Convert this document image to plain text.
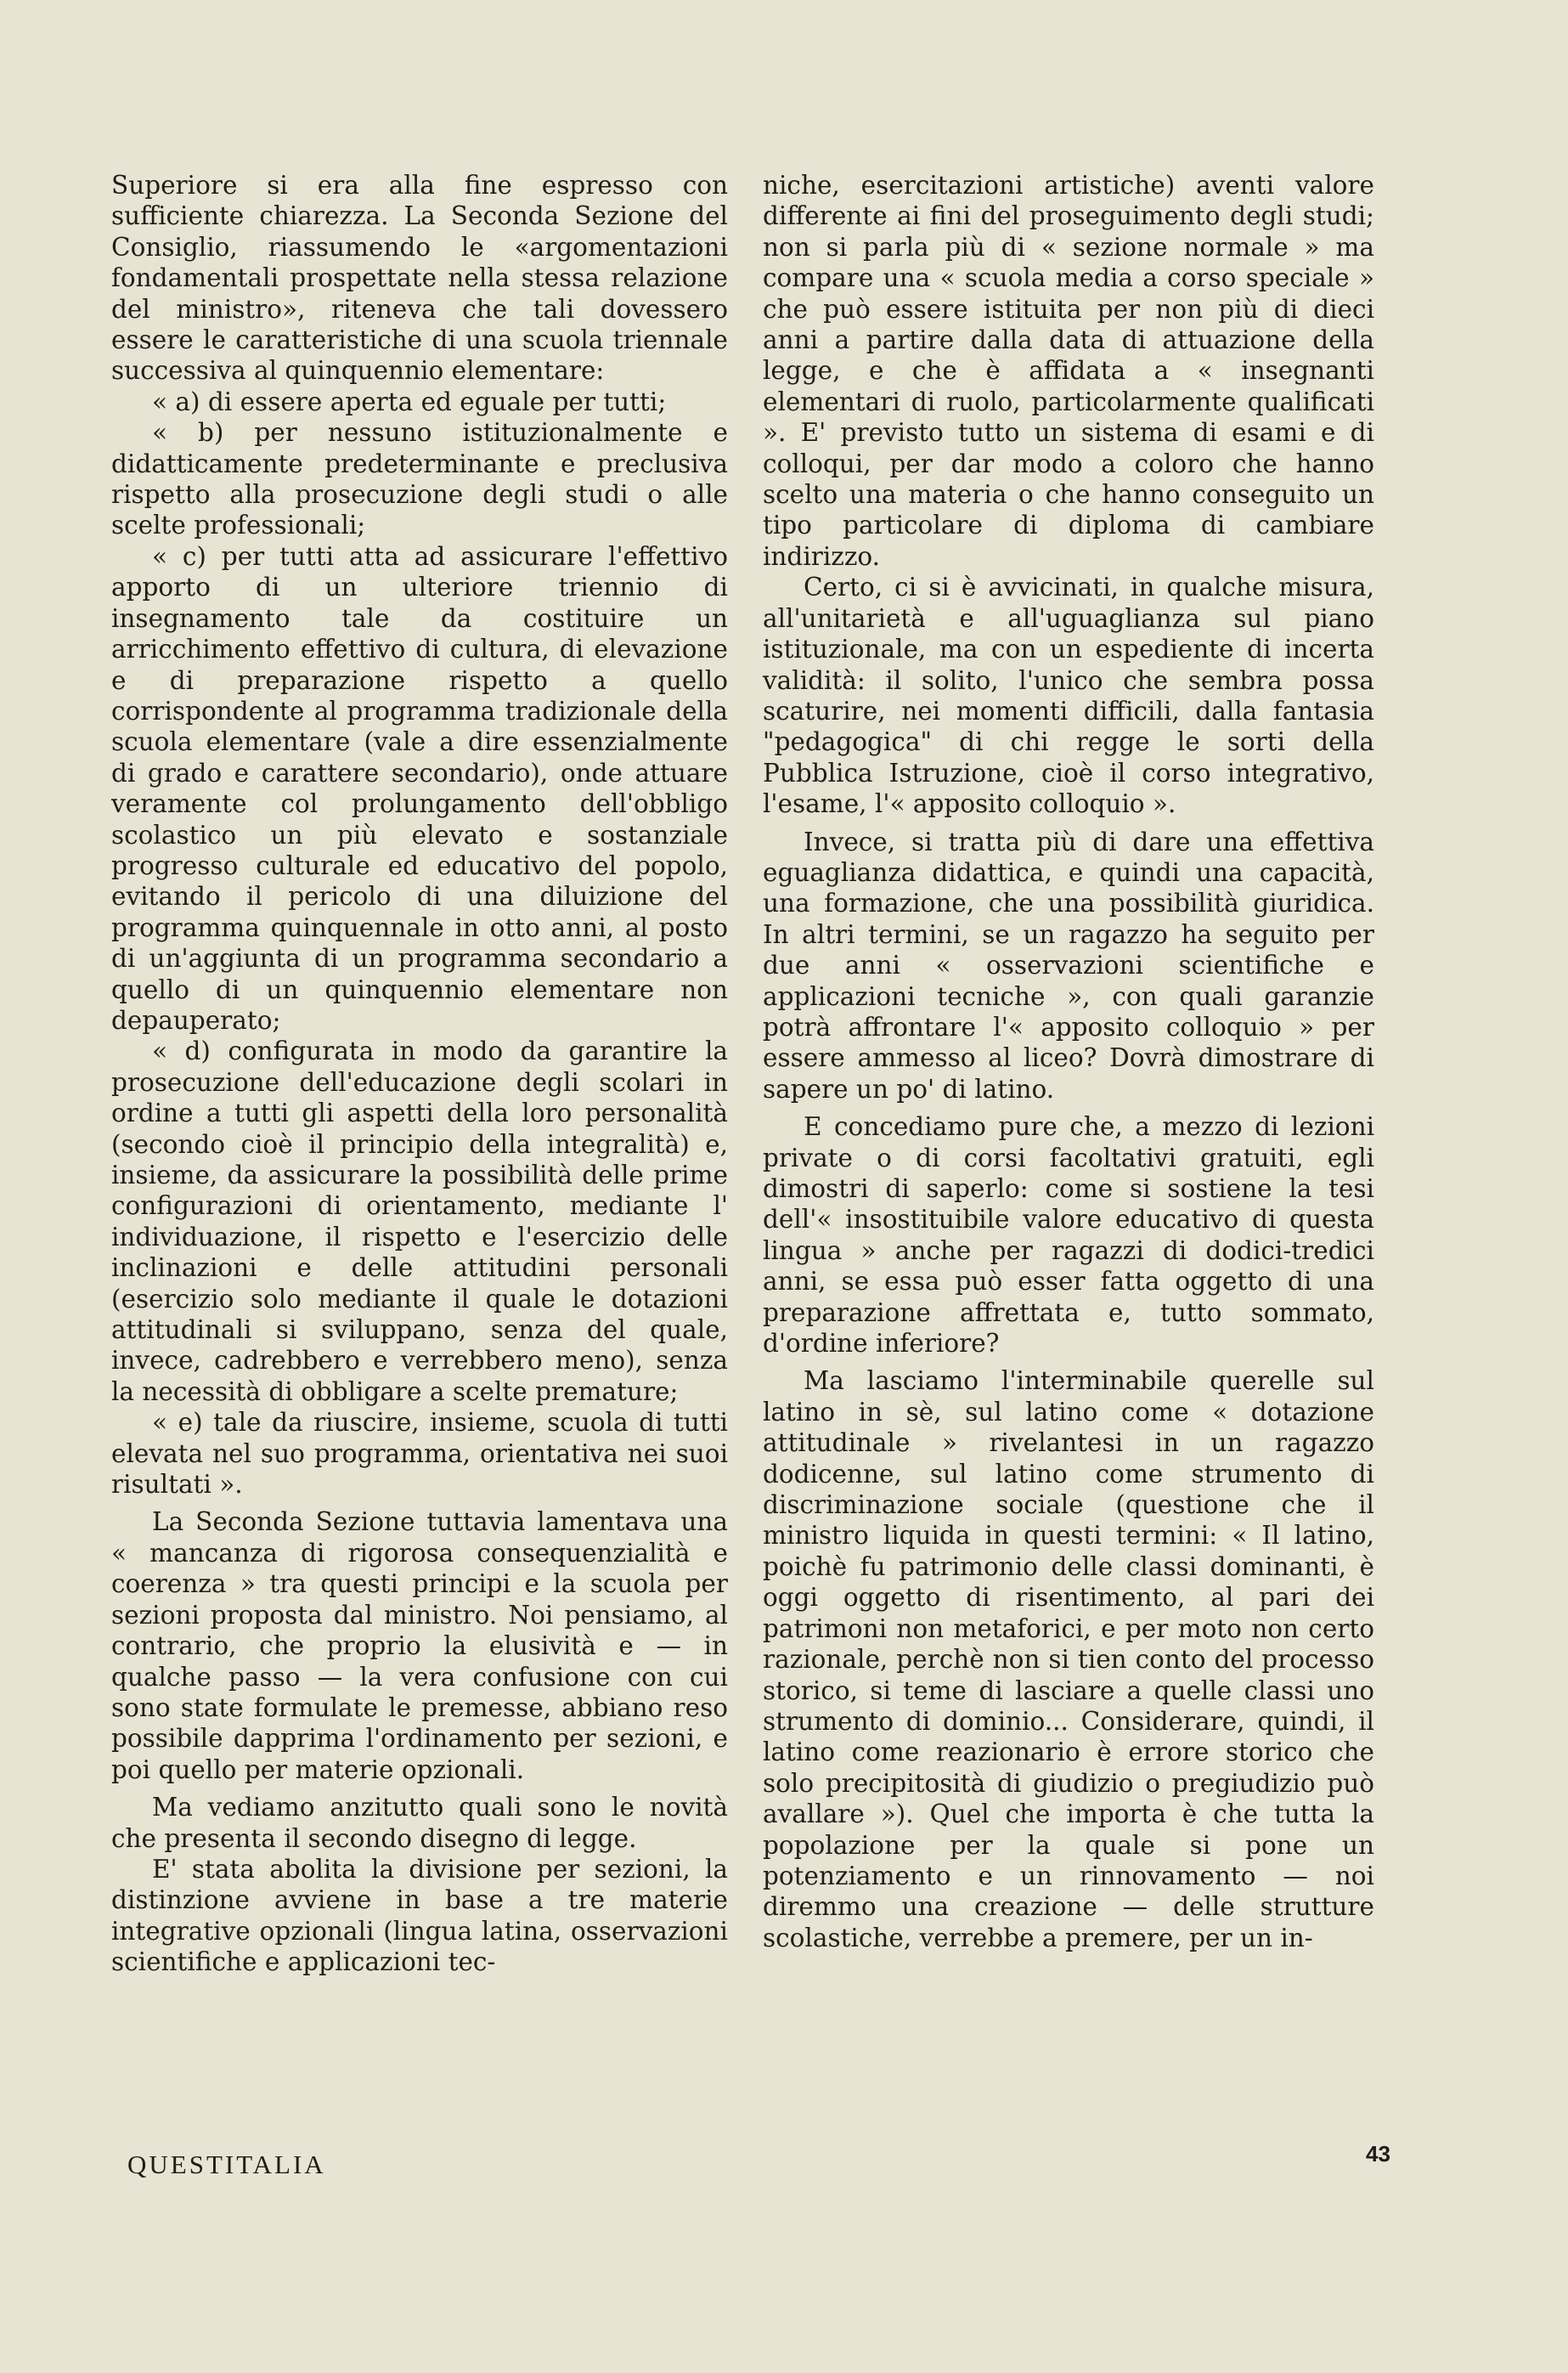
Superiore si era alla fine espresso con sufficiente chiarezza. La Seconda Sezione del Consiglio, riassumendo le «argomentazioni fondamentali prospettate nella stessa relazione del ministro», riteneva che tali dovessero essere le caratteristiche di una scuola triennale successiva al quinquennio elementare:

« a) di essere aperta ed eguale per tutti;

« b) per nessuno istituzionalmente e didatticamente predeterminante e preclusiva rispetto alla prosecuzione degli studi o alle scelte professionali;

« c) per tutti atta ad assicurare l'effettivo apporto di un ulteriore triennio di insegnamento tale da costituire un arricchimento effettivo di cultura, di elevazione e di preparazione rispetto a quello corrispondente al programma tradizionale della scuola elementare (vale a dire essenzialmente di grado e carattere secondario), onde attuare veramente col prolungamento dell'obbligo scolastico un più elevato e sostanziale progresso culturale ed educativo del popolo, evitando il pericolo di una diluizione del programma quinquennale in otto anni, al posto di un'aggiunta di un programma secondario a quello di un quinquennio elementare non depauperato;

« d) configurata in modo da garantire la prosecuzione dell'educazione degli scolari in ordine a tutti gli aspetti della loro personalità (secondo cioè il principio della integralità) e, insieme, da assicurare la possibilità delle prime configurazioni di orientamento, mediante l' individuazione, il rispetto e l'esercizio delle inclinazioni e delle attitudini personali (esercizio solo mediante il quale le dotazioni attitudinali si sviluppano, senza del quale, invece, cadrebbero e verrebbero meno), senza la necessità di obbligare a scelte premature;

« e) tale da riuscire, insieme, scuola di tutti elevata nel suo programma, orientativa nei suoi risultati ».

La Seconda Sezione tuttavia lamentava una « mancanza di rigorosa consequenzialità e coerenza » tra questi principi e la scuola per sezioni proposta dal ministro. Noi pensiamo, al contrario, che proprio la elusività e — in qualche passo — la vera confusione con cui sono state formulate le premesse, abbiano reso possibile dapprima l'ordinamento per sezioni, e poi quello per materie opzionali.

Ma vediamo anzitutto quali sono le novità che presenta il secondo disegno di legge.

E' stata abolita la divisione per sezioni, la distinzione avviene in base a tre materie integrative opzionali (lingua latina, osservazioni scientifiche e applicazioni tec-

niche, esercitazioni artistiche) aventi valore differente ai fini del proseguimento degli studi; non si parla più di « sezione normale » ma compare una « scuola media a corso speciale » che può essere istituita per non più di dieci anni a partire dalla data di attuazione della legge, e che è affidata a « insegnanti elementari di ruolo, particolarmente qualificati ». E' previsto tutto un sistema di esami e di colloqui, per dar modo a coloro che hanno scelto una materia o che hanno conseguito un tipo particolare di diploma di cambiare indirizzo.

Certo, ci si è avvicinati, in qualche misura, all'unitarietà e all'uguaglianza sul piano istituzionale, ma con un espediente di incerta validità: il solito, l'unico che sembra possa scaturire, nei momenti difficili, dalla fantasia "pedagogica" di chi regge le sorti della Pubblica Istruzione, cioè il corso integrativo, l'esame, l'« apposito colloquio ».

Invece, si tratta più di dare una effettiva eguaglianza didattica, e quindi una capacità, una formazione, che una possibilità giuridica. In altri termini, se un ragazzo ha seguito per due anni « osservazioni scientifiche e applicazioni tecniche », con quali garanzie potrà affrontare l'« apposito colloquio » per essere ammesso al liceo? Dovrà dimostrare di sapere un po' di latino.

E concediamo pure che, a mezzo di lezioni private o di corsi facoltativi gratuiti, egli dimostri di saperlo: come si sostiene la tesi dell'« insostituibile valore educativo di questa lingua » anche per ragazzi di dodici-tredici anni, se essa può esser fatta oggetto di una preparazione affrettata e, tutto sommato, d'ordine inferiore?

Ma lasciamo l'interminabile querelle sul latino in sè, sul latino come « dotazione attitudinale » rivelantesi in un ragazzo dodicenne, sul latino come strumento di discriminazione sociale (questione che il ministro liquida in questi termini: « Il latino, poichè fu patrimonio delle classi dominanti, è oggi oggetto di risentimento, al pari dei patrimoni non metaforici, e per moto non certo razionale, perchè non si tien conto del processo storico, si teme di lasciare a quelle classi uno strumento di dominio... Considerare, quindi, il latino come reazionario è errore storico che solo precipitosità di giudizio o pregiudizio può avallare »). Quel che importa è che tutta la popolazione per la quale si pone un potenziamento e un rinnovamento — noi diremmo una creazione — delle strutture scolastiche, verrebbe a premere, per un in-

QUESTITALIA	43
